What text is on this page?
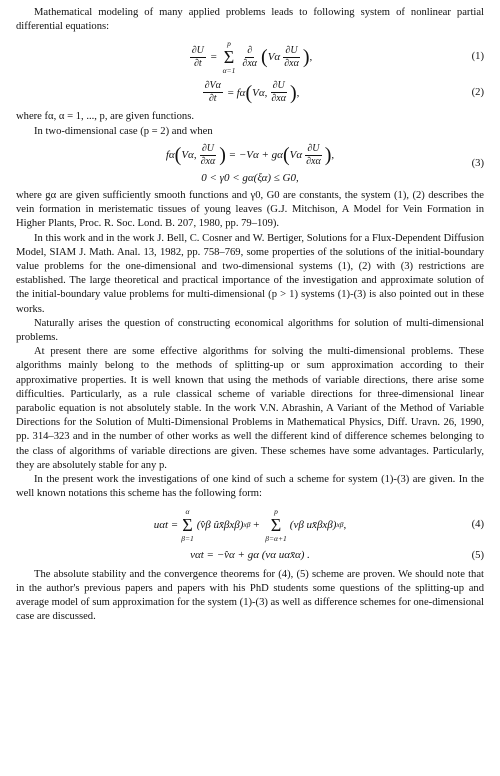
Mathematical modeling of many applied problems leads to following system of nonlinear partial differential equations:

$\frac{\partial U}{\partial t}$ =
p
Σ
α=1
$\frac{\partial}{\partial x\alpha}$ ( Vα $\frac{\partial U}{\partial x\alpha}$ ) ,	(1)
$\frac{\partial V\alpha}{\partial t} = f\alpha$ ( Vα , $\frac{\partial U}{\partial x\alpha}$ ) ,	(2)

where fα, α = 1, ..., p, are given functions.

In two-dimensional case (p = 2) and when

fα ( Vα , $\frac{\partial U}{\partial x\alpha}$ )
= −Vα + gα ( Vα $\frac{\partial U}{\partial x\alpha}$ ) ,
0 < γ0 < gα(ξα) ≤ G0,
(3)

where gα are given sufficiently smooth functions and γ0, G0 are constants, the system (1), (2) describes the vein formation in meristematic tissues of young leaves (G.J. Mitchison, A Model for Vein Formation in Higher Plants, Proc. R. Soc. Lond. B. 207, 1980, pp. 79–109).

In this work and in the work J. Bell, C. Cosner and W. Bertiger, Solutions for a Flux-Dependent Diffusion Model, SIAM J. Math. Anal. 13, 1982, pp. 758–769, some properties of the solutions of the initial-boundary value problems for the one-dimensional and two-dimensional systems (1), (2) with (3) restrictions are established. The large theoretical and practical importance of the investigation and approximate solution of the initial-boundary value problems for multi-dimensional (p > 1) systems (1)-(3) is also pointed out in these works.

Naturally arises the question of constructing economical algorithms for solution of multi-dimensional problems.

At present there are some effective algorithms for solving the multi-dimensional problems. These algorithms mainly belong to the methods of splitting-up or sum approximation according to their approximative properties. It is well known that using the methods of variable directions, there arise some difficulties. Particularly, as a rule classical scheme of variable directions for three-dimensional linear parabolic equation is not absolutely stable. In the work V.N. Abrashin, A Variant of the Method of Variable Directions for the Solution of Multi-Dimensional Problems in Mathematical Physics, Diff. Uravn. 26, 1990, pp. 314–323 and in the number of other works as well the different kind of difference schemes belonging to the class of algorithms of variable directions are given. These schemes have some advantages. Particularly, they are absolutely stable for any p.

In the present work the investigations of one kind of such a scheme for system (1)-(3) are given. In the well known notations this scheme has the following form:

uαt =
α
Σ
β=1
(v̂β ûx̄βxβ) xβ +
p
Σ
β=α+1
(vβ ux̄βxβ) xβ ,	(4)
vαt = −v̂α + gα (vα uαx̄α) .	(5)

The absolute stability and the convergence theorems for (4), (5) scheme are proven. We should note that in the author's previous papers and papers with his PhD students some questions of the splitting-up and average model of sum approximation for the system (1)-(3) as well as difference schemes for one-dimensional case are discussed.
